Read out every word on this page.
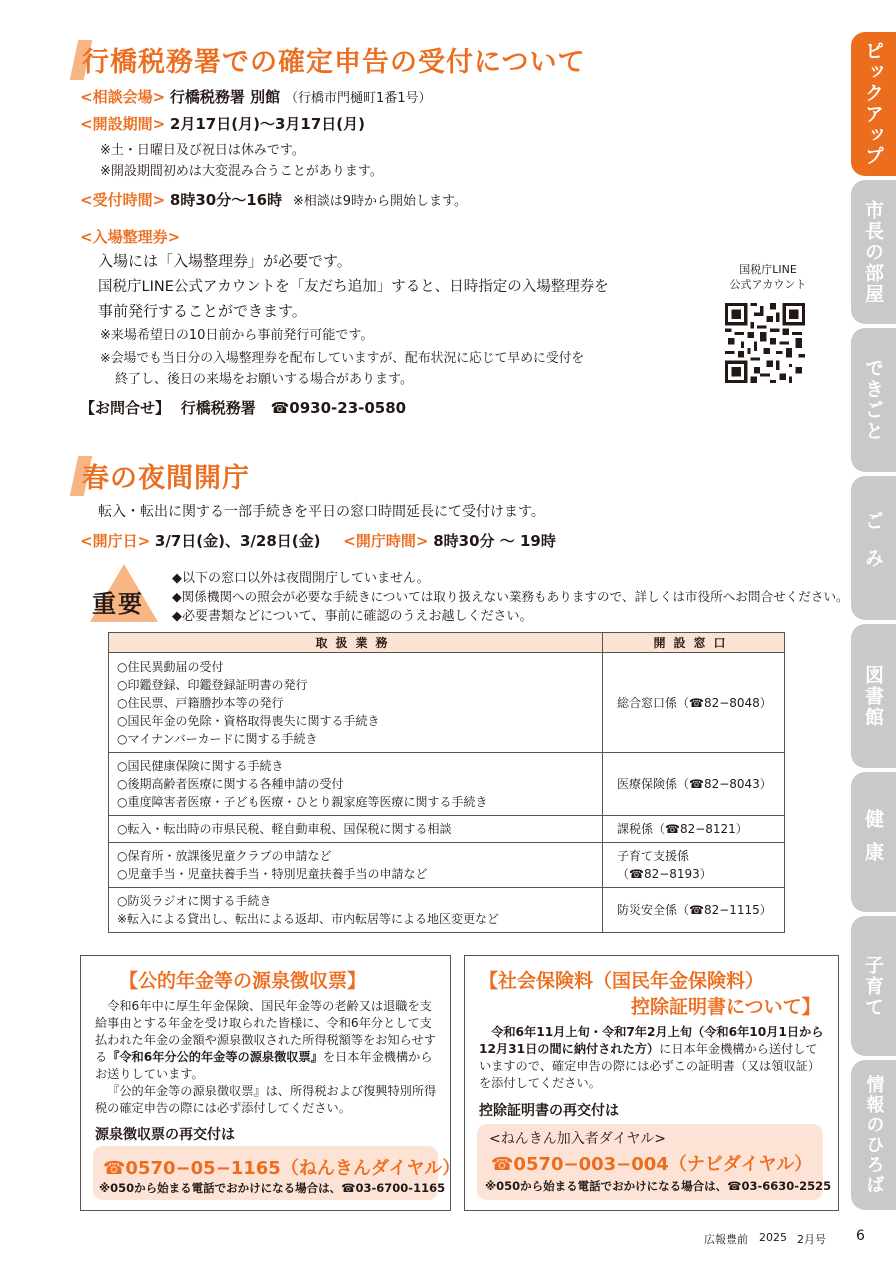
行橋税務署での確定申告の受付について
<相談会場> 行橋税務署 別館 （行橋市門樋町1番1号）
<開設期間> 2月17日(月)～3月17日(月)
※土・日曜日及び祝日は休みです。
※開設期間初めは大変混み合うことがあります。
<受付時間> 8時30分～16時 ※相談は9時から開始します。
<入場整理券>
入場には「入場整理券」が必要です。
国税庁LINE公式アカウントを「友だち追加」すると、日時指定の入場整理券を
事前発行することができます。
※来場希望日の10日前から事前発行可能です。
※会場でも当日分の入場整理券を配布していますが、配布状況に応じて早めに受付を
終了し、後日の来場をお願いする場合があります。
【お問合せ】 行橋税務署 ☎0930-23-0580
国税庁LINE
公式アカウント
春の夜間開庁
転入・転出に関する一部手続きを平日の窓口時間延長にて受付けます。
<開庁日> 3/7日(金)、3/28日(金) <開庁時間> 8時30分 ～ 19時
重要
◆以下の窓口以外は夜間開庁していません。
◆関係機関への照会が必要な手続きについては取り扱えない業務もありますので、詳しくは市役所へお問合せください。
◆必要書類などについて、事前に確認のうえお越しください。
取扱業務	開設窓口

○住民異動届の受付
○印鑑登録、印鑑登録証明書の発行
○住民票、戸籍謄抄本等の発行
○国民年金の免除・資格取得喪失に関する手続き
○マイナンバーカードに関する手続き	総合窓口係（☎82−8048）

○国民健康保険に関する手続き
○後期高齢者医療に関する各種申請の受付
○重度障害者医療・子ども医療・ひとり親家庭等医療に関する手続き	医療保険係（☎82−8043）

○転入・転出時の市県民税、軽自動車税、国保税に関する相談	課税係（☎82−8121）

○保育所・放課後児童クラブの申請など
○児童手当・児童扶養手当・特別児童扶養手当の申請など	子育て支援係（☎82−8193）

○防災ラジオに関する手続き
※転入による貸出し、転出による返却、市内転居等による地区変更など	防災安全係（☎82−1115）
【公的年金等の源泉徴収票】
令和6年中に厚生年金保険、国民年金等の老齢又は退職を支給事由とする年金を受け取られた皆様に、令和6年分として支払われた年金の金額や源泉徴収された所得税額等をお知らせする『令和6年分公的年金等の源泉徴収票』を日本年金機構からお送りしています。
『公的年金等の源泉徴収票』は、所得税および復興特別所得税の確定申告の際には必ず添付してください。
源泉徴収票の再交付は
☎0570−05−1165（ねんきんダイヤル）
※050から始まる電話でおかけになる場合は、☎03-6700-1165
【社会保険料（国民年金保険料）
控除証明書について】
令和6年11月上旬・令和7年2月上旬（令和6年10月1日から12月31日の間に納付された方）に日本年金機構から送付していますので、確定申告の際には必ずこの証明書（又は領収証）を添付してください。
控除証明書の再交付は
<ねんきん加入者ダイヤル>
☎0570−003−004（ナビダイヤル）
※050から始まる電話でおかけになる場合は、☎03-6630-2525
ピックアップ
市長の部屋
できごと
ごみ
図書館
健康
子育て
情報のひろば
広報豊前 2025 2月号 6
